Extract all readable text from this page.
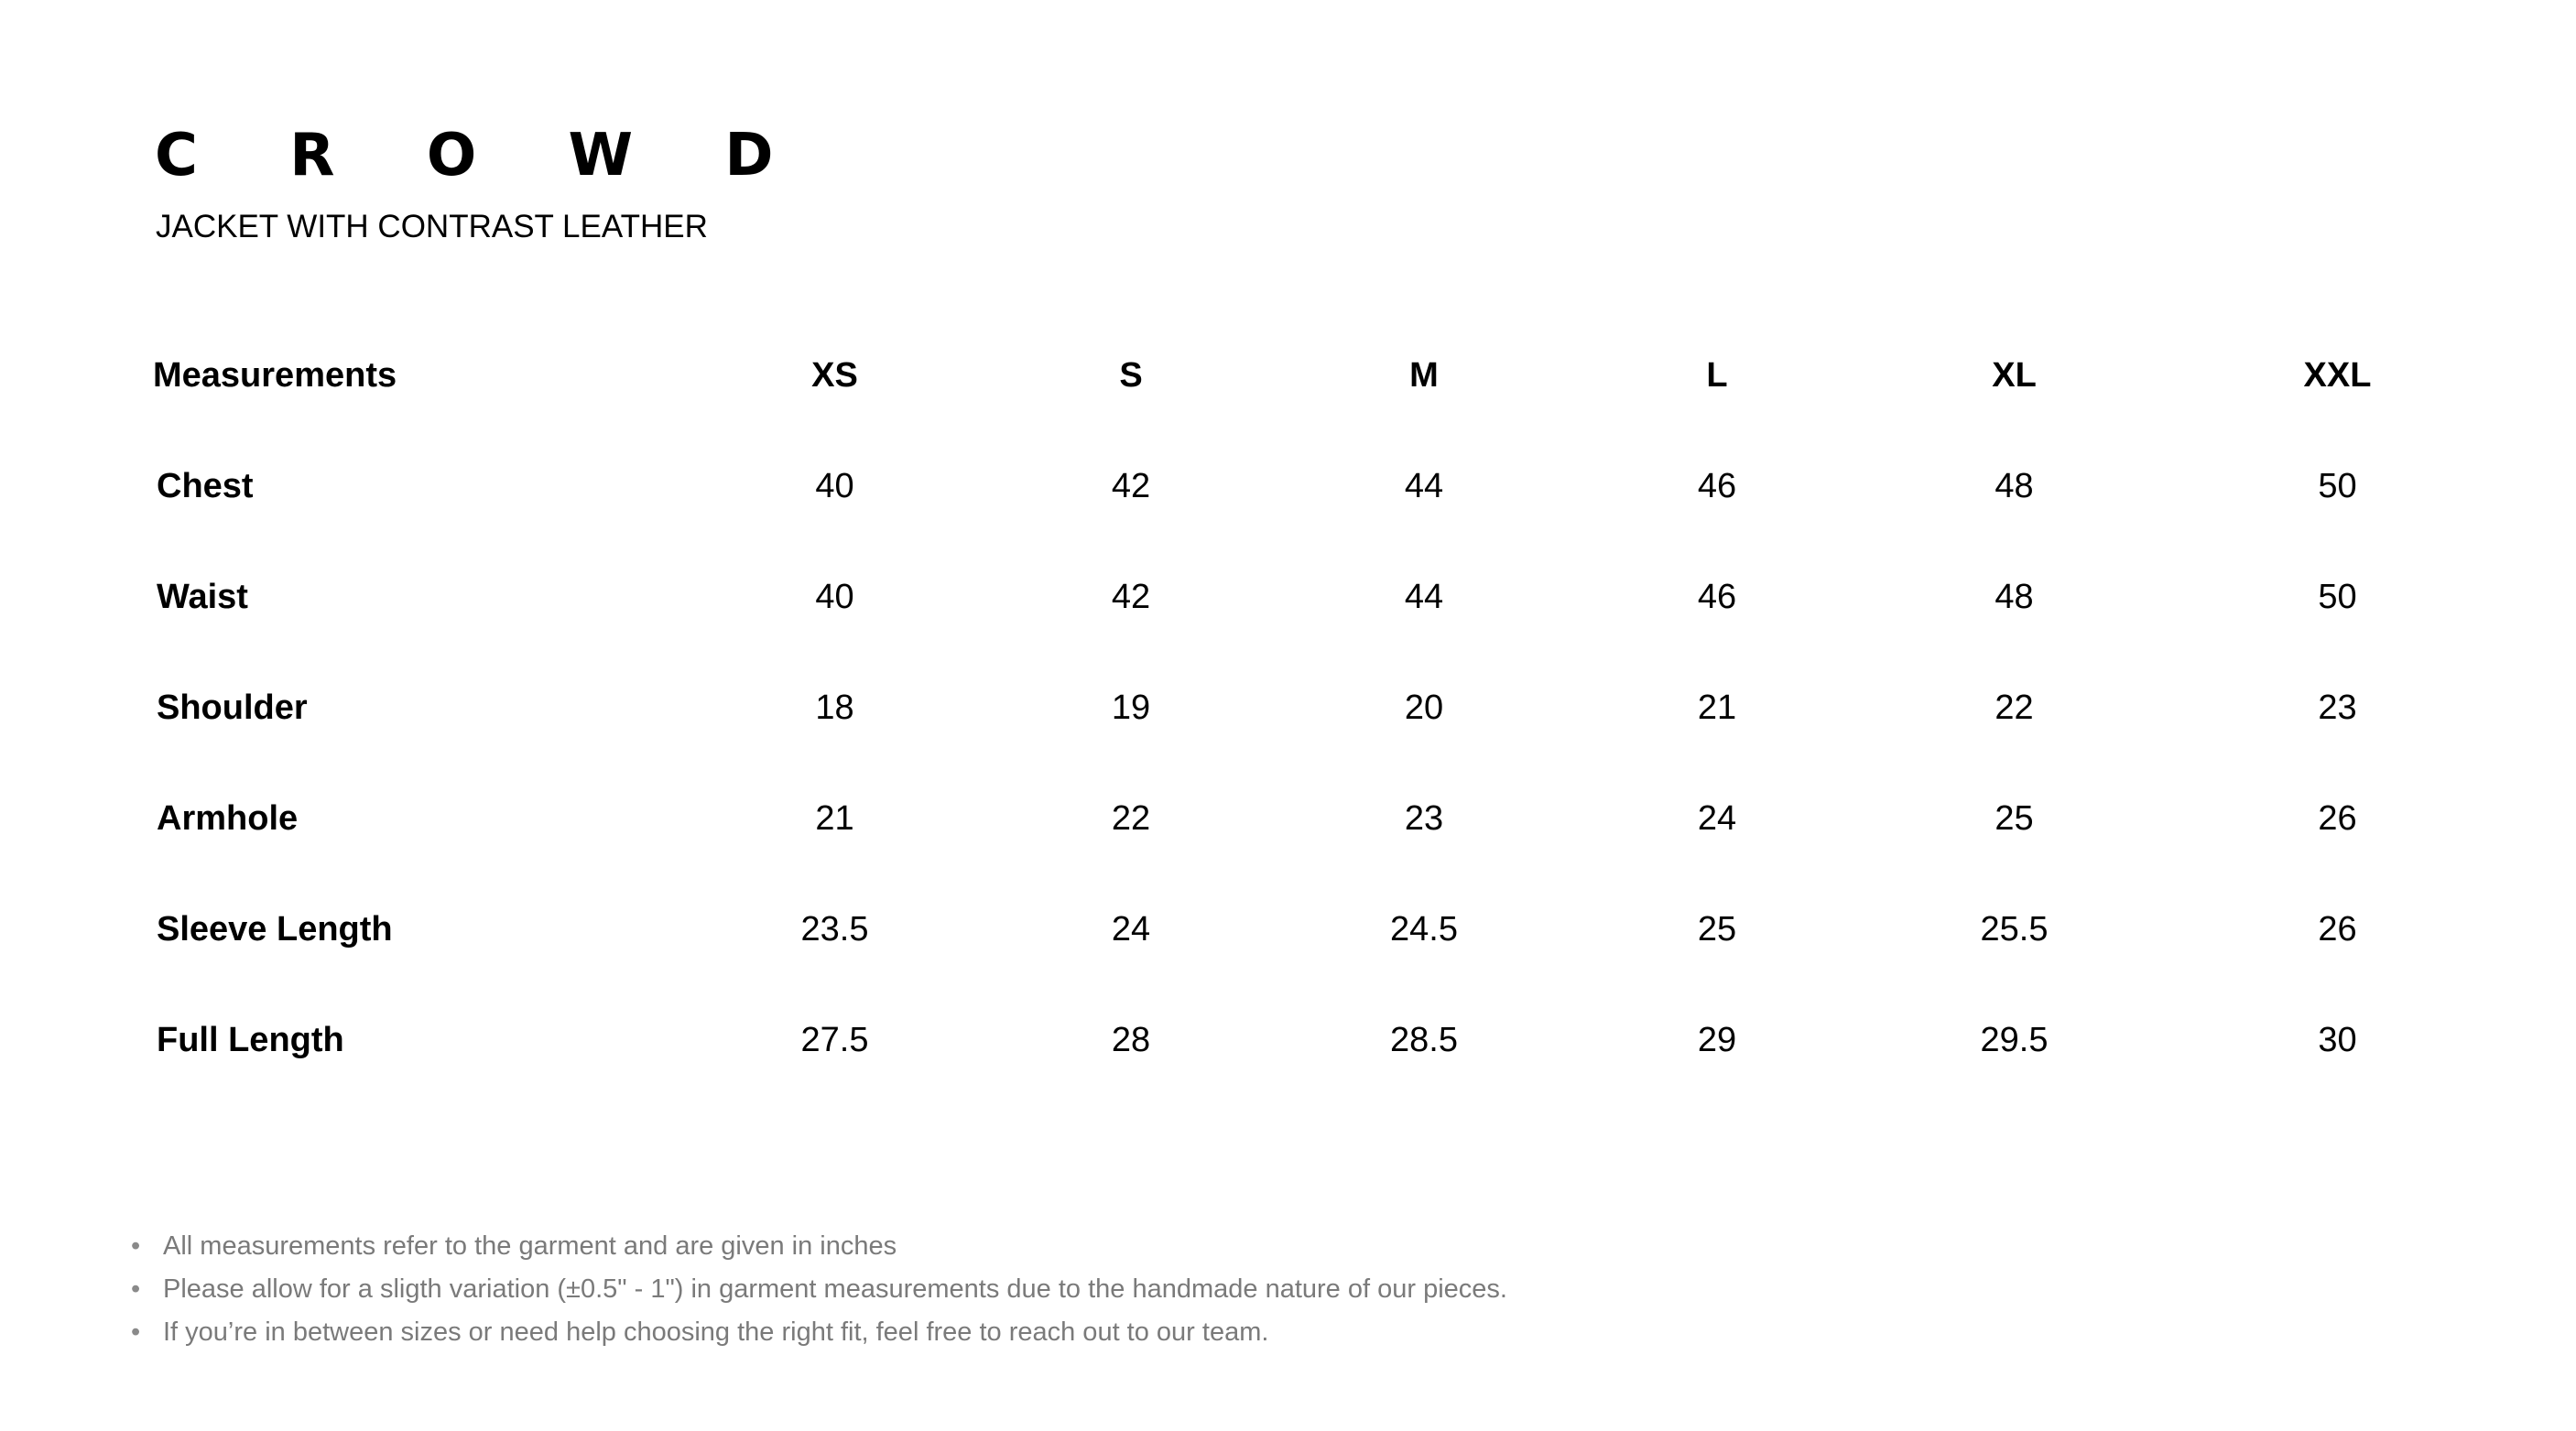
C R O W D

JACKET WITH CONTRAST LEATHER

Measurements	XS	S	M	L	XL	XXL
Chest	40	42	44	46	48	50
Waist	40	42	44	46	48	50
Shoulder	18	19	20	21	22	23
Armhole	21	22	23	24	25	26
Sleeve Length	23.5	24	24.5	25	25.5	26
Full Length	27.5	28	28.5	29	29.5	30
• All measurements refer to the garment and are given in inches
• Please allow for a sligth variation (±0.5" - 1") in garment measurements due to the handmade nature of our pieces.
• If you’re in between sizes or need help choosing the right fit, feel free to reach out to our team.
